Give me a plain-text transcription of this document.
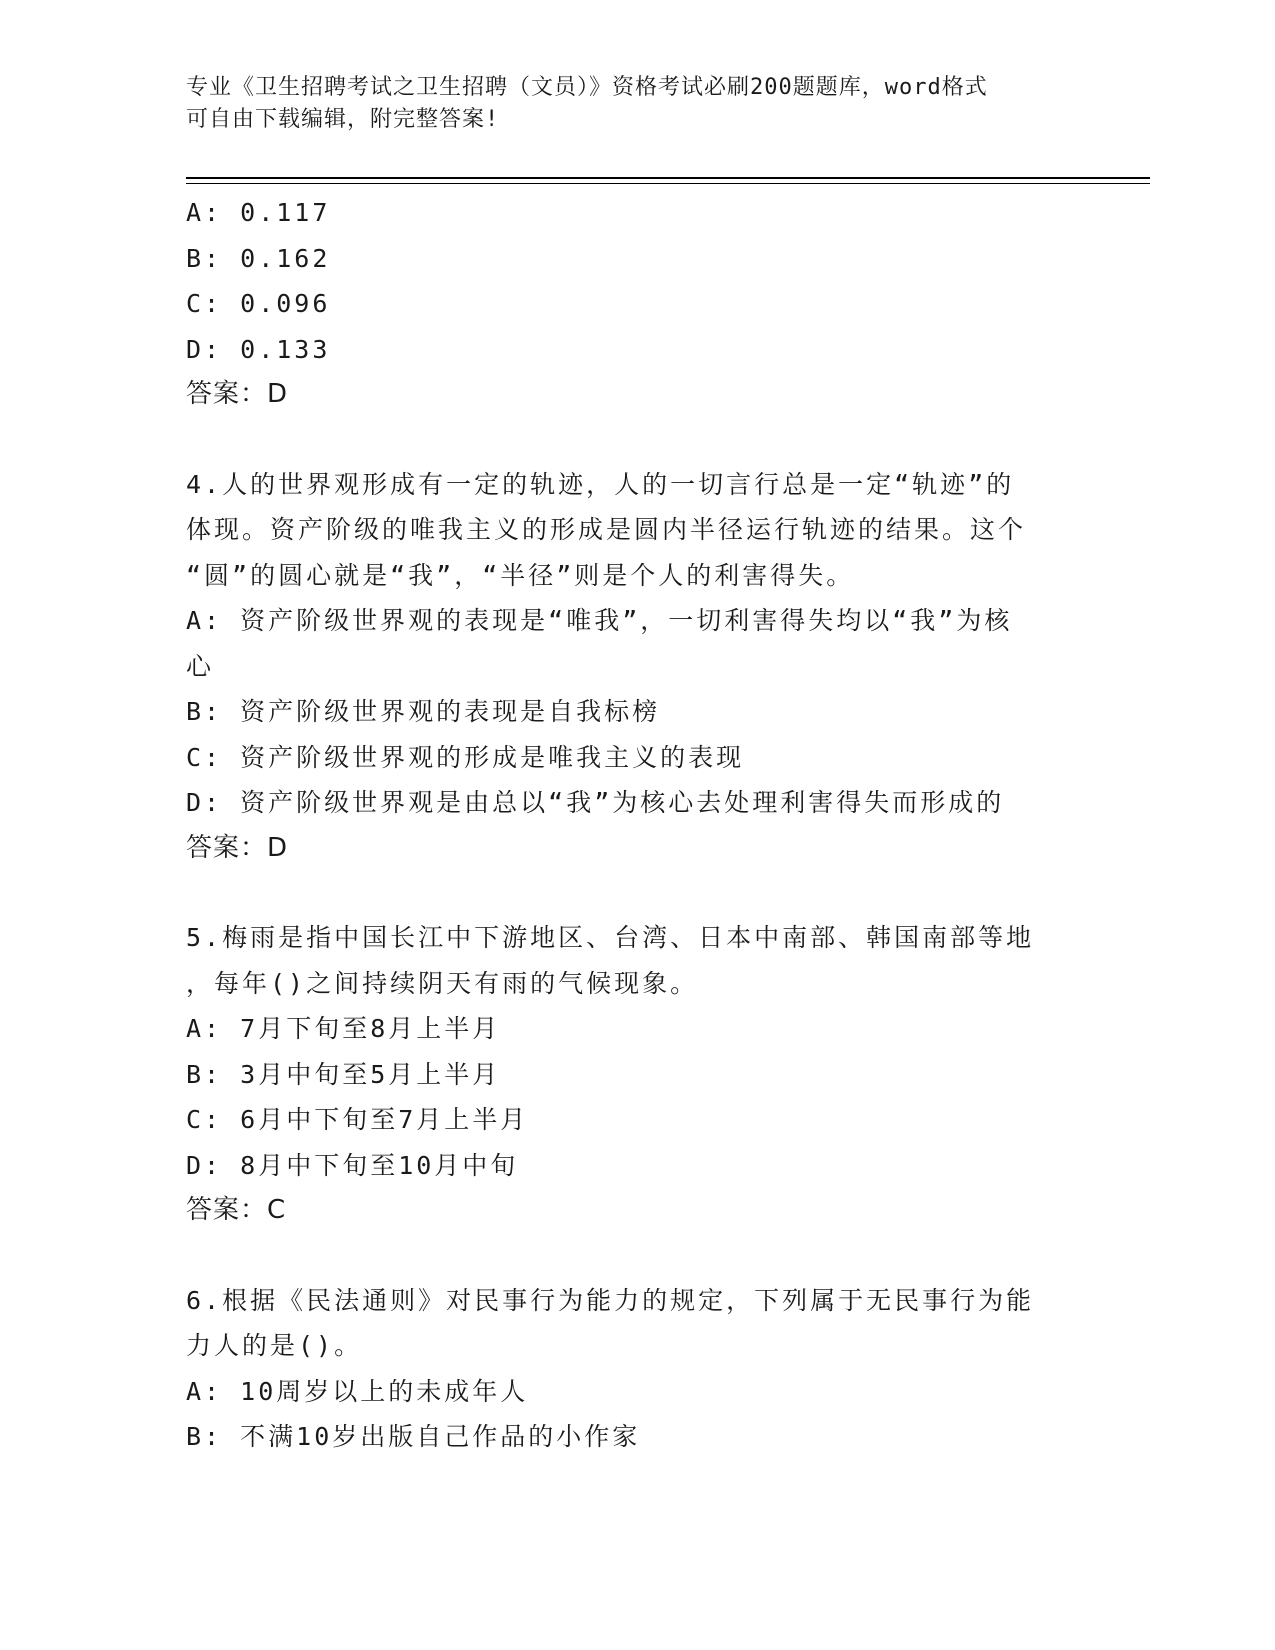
专业《卫生招聘考试之卫生招聘（文员）》资格考试必刷200题题库，word格式
可自由下载编辑，附完整答案!
A: 0.117
B: 0.162
C: 0.096
D: 0.133
答案：D
4.人的世界观形成有一定的轨迹，人的一切言行总是一定“轨迹”的
体现。资产阶级的唯我主义的形成是圆内半径运行轨迹的结果。这个
“圆”的圆心就是“我”，“半径”则是个人的利害得失。
A: 资产阶级世界观的表现是“唯我”，一切利害得失均以“我”为核
心
B: 资产阶级世界观的表现是自我标榜
C: 资产阶级世界观的形成是唯我主义的表现
D: 资产阶级世界观是由总以“我”为核心去处理利害得失而形成的
答案：D
5.梅雨是指中国长江中下游地区、台湾、日本中南部、韩国南部等地
，每年()之间持续阴天有雨的气候现象。
A: 7月下旬至8月上半月
B: 3月中旬至5月上半月
C: 6月中下旬至7月上半月
D: 8月中下旬至10月中旬
答案：C
6.根据《民法通则》对民事行为能力的规定，下列属于无民事行为能
力人的是()。
A: 10周岁以上的未成年人
B: 不满10岁出版自己作品的小作家
